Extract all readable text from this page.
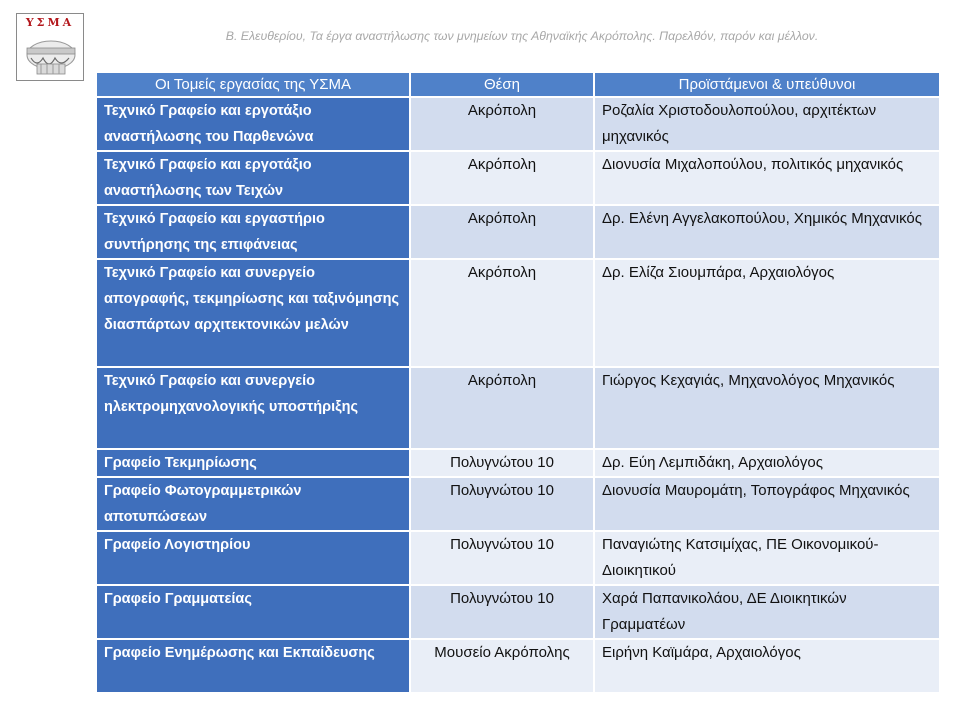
ΥΣΜΑ
Β. Ελευθερίου, Τα έργα αναστήλωσης των μνημείων της Αθηναϊκής Ακρόπολης. Παρελθόν, παρόν και μέλλον.
Οι Τομείς εργασίας της ΥΣΜΑ	Θέση	Προϊστάμενοι & υπεύθυνοι
Τεχνικό Γραφείο και εργοτάξιο αναστήλωσης του Παρθενώνα	Ακρόπολη	Ροζαλία Χριστοδουλοπούλου, αρχιτέκτων μηχανικός
Τεχνικό Γραφείο και εργοτάξιο αναστήλωσης των Τειχών	Ακρόπολη	Διονυσία Μιχαλοπούλου, πολιτικός μηχανικός
Τεχνικό Γραφείο και εργαστήριο συντήρησης της επιφάνειας	Ακρόπολη	Δρ. Ελένη Αγγελακοπούλου, Χημικός Μηχανικός
Τεχνικό Γραφείο και συνεργείο απογραφής, τεκμηρίωσης και ταξινόμησης διασπάρτων αρχιτεκτονικών μελών	Ακρόπολη	Δρ. Ελίζα Σιουμπάρα, Αρχαιολόγος
Τεχνικό Γραφείο και συνεργείο ηλεκτρομηχανολογικής υποστήριξης	Ακρόπολη	Γιώργος Κεχαγιάς, Μηχανολόγος Μηχανικός
Γραφείο Τεκμηρίωσης	Πολυγνώτου 10	Δρ. Εύη Λεμπιδάκη, Αρχαιολόγος
Γραφείο Φωτογραμμετρικών αποτυπώσεων	Πολυγνώτου 10	Διονυσία Μαυρομάτη, Τοπογράφος Μηχανικός
Γραφείο Λογιστηρίου	Πολυγνώτου 10	Παναγιώτης Κατσιμίχας, ΠΕ Οικονομικού-Διοικητικού
Γραφείο Γραμματείας	Πολυγνώτου 10	Χαρά Παπανικολάου, ΔΕ Διοικητικών Γραμματέων
Γραφείο Ενημέρωσης και Εκπαίδευσης	Μουσείο Ακρόπολης	Ειρήνη Καϊμάρα, Αρχαιολόγος
